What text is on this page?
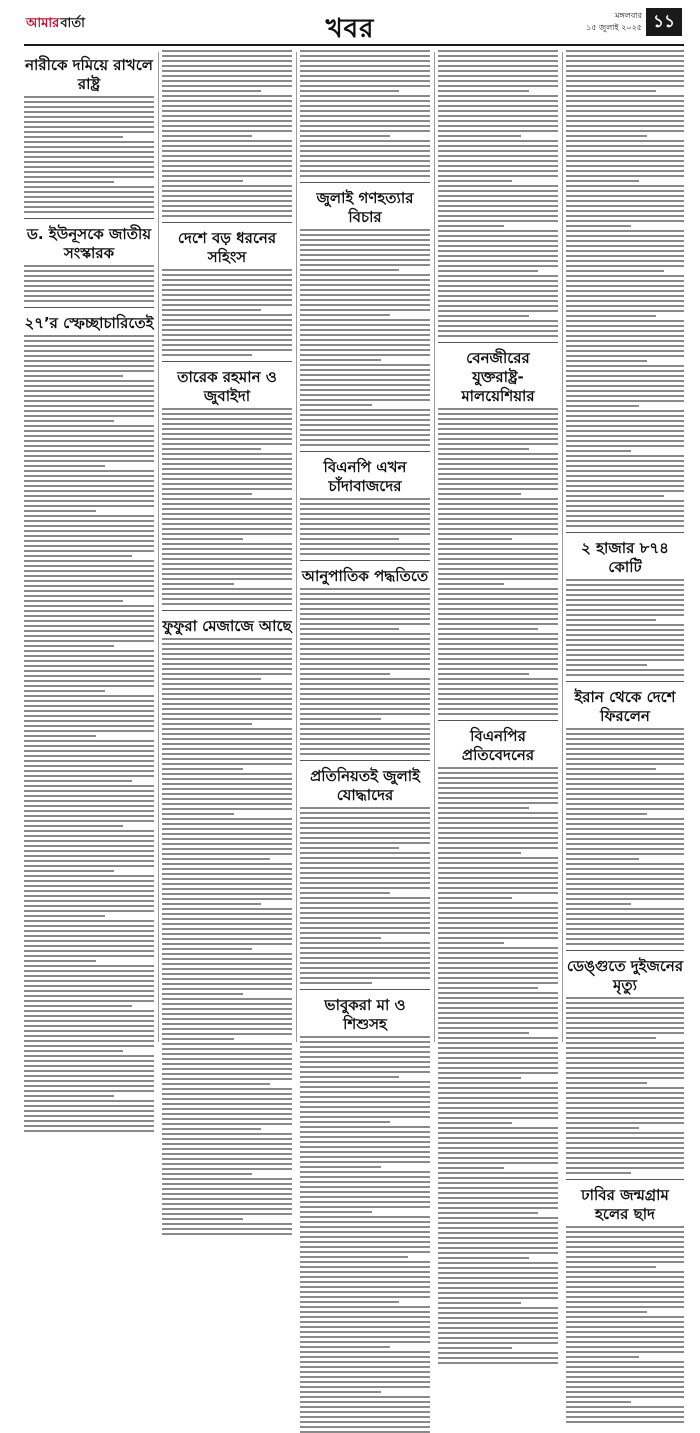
আমার বার্তা	খবর	মঙ্গলবার
১৫ জুলাই ২০২৫ ১১
নারীকে দমিয়ে রাখলে রাষ্ট্র
ড. ইউনূসকে জাতীয় সংস্কারক
২৭’র স্ফেচ্ছাচারিতেই
দেশে বড় ধরনের সহিংস
তারেক রহমান ও জুবাইদা
ফুফুরা মেজাজে আছে
জুলাই গণহত্যার বিচার
বিএনপি এখন চাঁদাবাজদের
আনুপাতিক পদ্ধতিতে
প্রতিনিয়তই জুলাই যোদ্ধাদের
ভাবুকরা মা ও শিশুসহ
বেনজীরের যুক্তরাষ্ট্র-মালয়েশিয়ার
বিএনপির প্রতিবেদনের
২ হাজার ৮৭৪ কোটি
ইরান থেকে দেশে ফিরলেন
ডেঙ্গুতে দুইজনের মৃত্যু
ঢাবির জন্মগ্রাম হলের ছাদ
